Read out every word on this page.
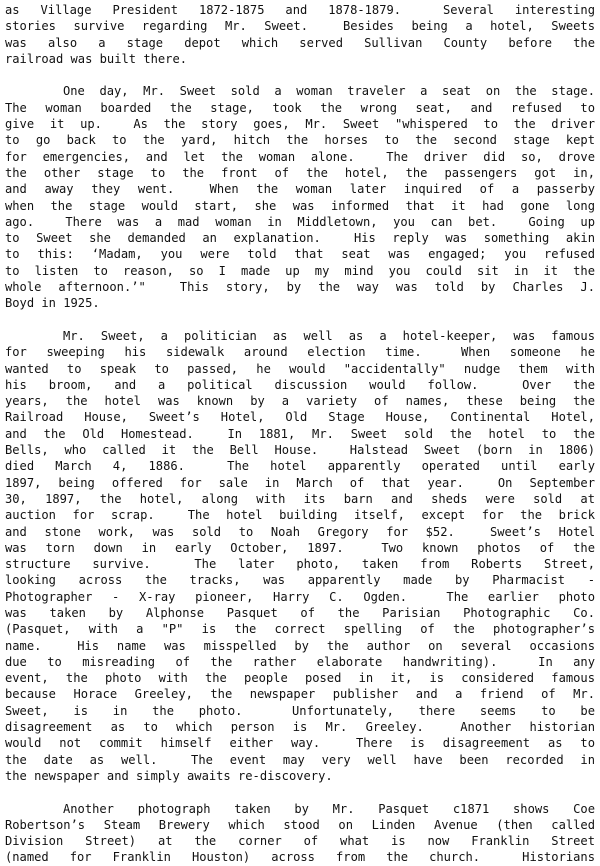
as Village President 1872-1875 and 1878-1879.  Several interesting
stories survive regarding Mr. Sweet.  Besides being a hotel, Sweets
was also a stage depot which served Sullivan County before the
railroad was built there.
One day, Mr. Sweet sold a woman traveler a seat on the stage.
The woman boarded the stage, took the wrong seat, and refused to
give it up.  As the story goes, Mr. Sweet "whispered to the driver
to go back to the yard, hitch the horses to the second stage kept
for emergencies, and let the woman alone.  The driver did so, drove
the other stage to the front of the hotel, the passengers got in,
and away they went.  When the woman later inquired of a passerby
when the stage would start, she was informed that it had gone long
ago.  There was a mad woman in Middletown, you can bet.  Going up
to Sweet she demanded an explanation.  His reply was something akin
to this: ‘Madam, you were told that seat was engaged; you refused
to listen to reason, so I made up my mind you could sit in it the
whole afternoon.’"  This story, by the way was told by Charles J.
Boyd in 1925.
Mr. Sweet, a politician as well as a hotel-keeper, was famous
for sweeping his sidewalk around election time.  When someone he
wanted to speak to passed, he would "accidentally" nudge them with
his broom, and a political discussion would follow.  Over the
years, the hotel was known by a variety of names, these being the
Railroad House, Sweet’s Hotel, Old Stage House, Continental Hotel,
and the Old Homestead.  In 1881, Mr. Sweet sold the hotel to the
Bells, who called it the Bell House.  Halstead Sweet (born in 1806)
died March 4, 1886.  The hotel apparently operated until early
1897, being offered for sale in March of that year.  On September
30, 1897, the hotel, along with its barn and sheds were sold at
auction for scrap.  The hotel building itself, except for the brick
and stone work, was sold to Noah Gregory for $52.  Sweet’s Hotel
was torn down in early October, 1897.  Two known photos of the
structure survive.  The later photo, taken from Roberts Street,
looking across the tracks, was apparently made by Pharmacist -
Photographer - X-ray pioneer, Harry C. Ogden.  The earlier photo
was taken by Alphonse Pasquet of the Parisian Photographic Co.
(Pasquet, with a "P" is the correct spelling of the photographer’s
name.  His name was misspelled by the author on several occasions
due to misreading of the rather elaborate handwriting).  In any
event, the photo with the people posed in it, is considered famous
because Horace Greeley, the newspaper publisher and a friend of Mr.
Sweet, is in the photo.  Unfortunately, there seems to be
disagreement as to which person is Mr. Greeley.  Another historian
would not commit himself either way.  There is disagreement as to
the date as well.  The event may very well have been recorded in
the newspaper and simply awaits re-discovery.
Another photograph taken by Mr. Pasquet c1871 shows Coe
Robertson’s Steam Brewery which stood on Linden Avenue (then called
Division Street) at the corner of what is now Franklin Street
(named for Franklin Houston) across from the church.  Historians
